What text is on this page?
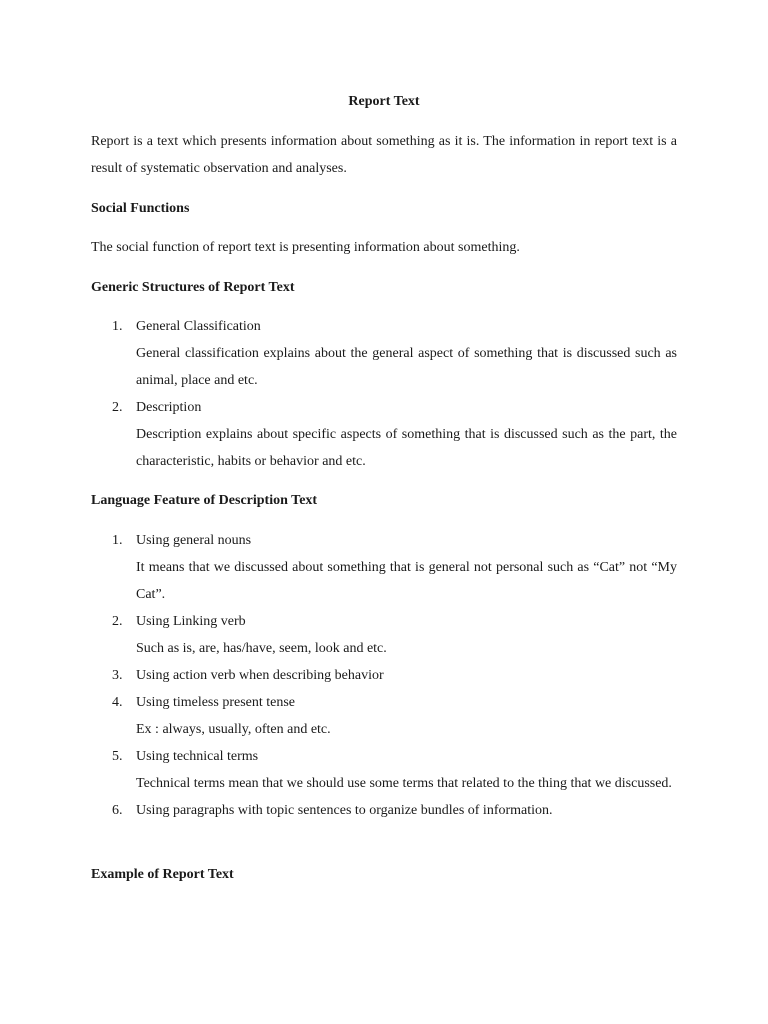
Report Text
Report is a text which presents information about something as it is. The information in report text is a result of systematic observation and analyses.
Social Functions
The social function of report text is presenting information about something.
Generic Structures of Report Text
1. General Classification
General classification explains about the general aspect of something that is discussed such as animal, place and etc.
2. Description
Description explains about specific aspects of something that is discussed such as the part, the characteristic, habits or behavior and etc.
Language Feature of Description Text
1. Using general nouns
It means that we discussed about something that is general not personal such as “Cat” not “My Cat”.
2. Using Linking verb
Such as is, are, has/have, seem, look and etc.
3. Using action verb when describing behavior
4. Using timeless present tense
Ex : always, usually, often and etc.
5. Using technical terms
Technical terms mean that we should use some terms that related to the thing that we discussed.
6. Using paragraphs with topic sentences to organize bundles of information.
Example of Report Text
